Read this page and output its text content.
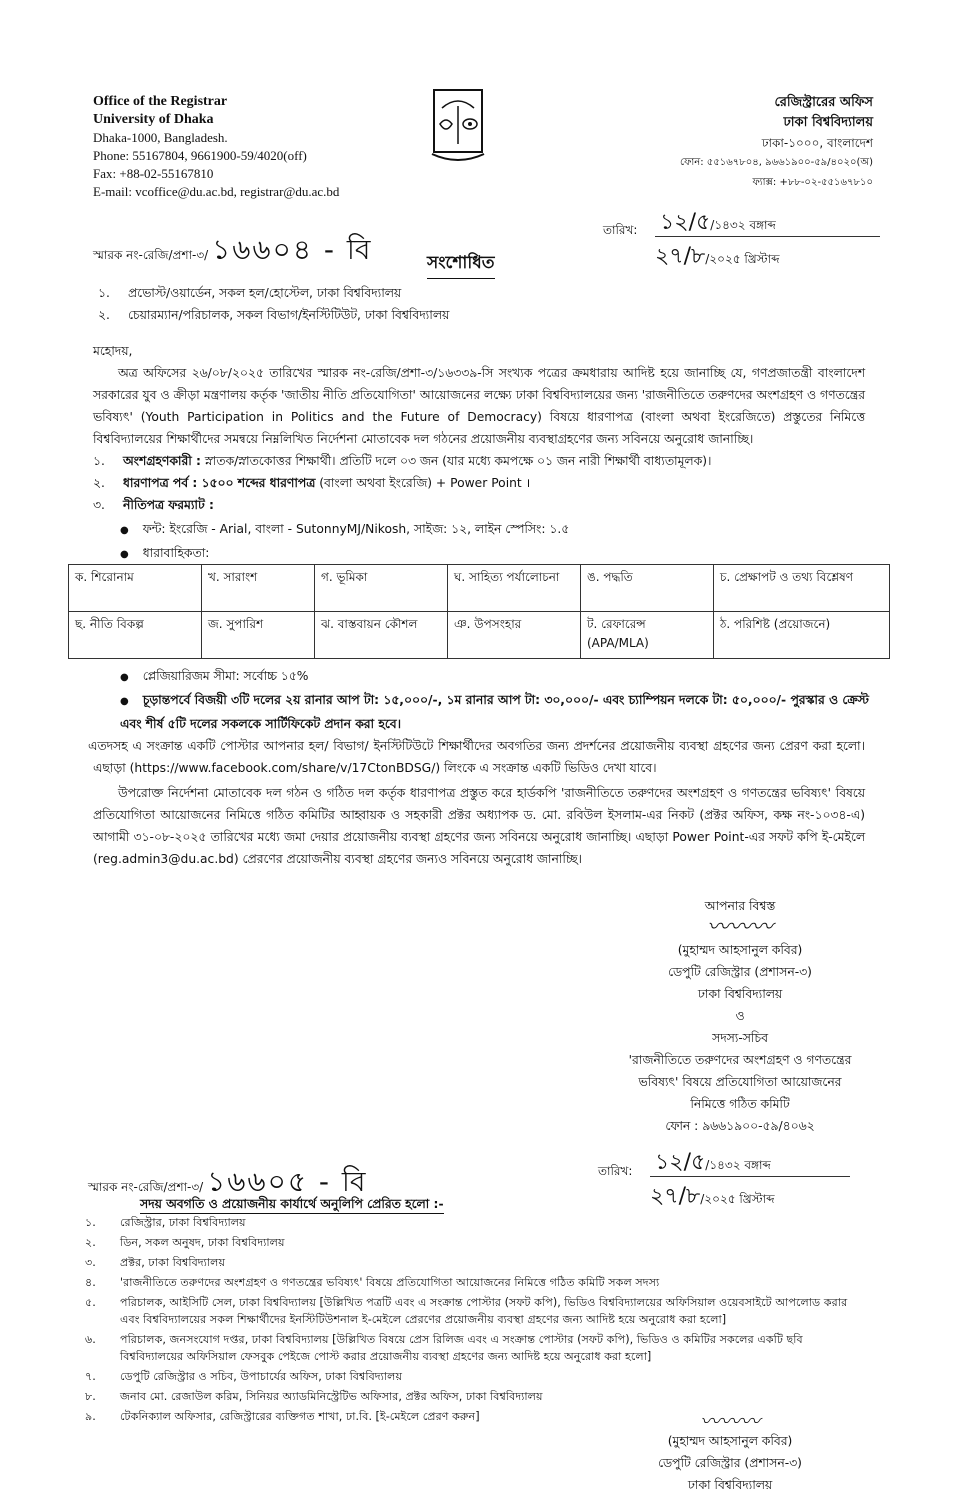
Office of the Registrar
University of Dhaka
Dhaka-1000, Bangladesh.
Phone: 55167804, 9661900-59/4020(off)
Fax: +88-02-55167810
E-mail: vcoffice@du.ac.bd, registrar@du.ac.bd
রেজিস্ট্রারের অফিস
ঢাকা বিশ্ববিদ্যালয়
ঢাকা-১০০০, বাংলাদেশ
ফোন: ৫৫১৬৭৮০৪, ৯৬৬১৯০০-৫৯/৪০২০(অ)
ফ্যাক্স: +৮৮-০২-৫৫১৬৭৮১০
স্মারক নং-রেজি/প্রশা-৩/ ১৬৬০৪ - বি
তারিখ: ১২/৫/১৪৩২ বঙ্গাব্দ
২৭/৮/২০২৫ খ্রিস্টাব্দ
সংশোধিত
১. প্রভোস্ট/ওয়ার্ডেন, সকল হল/হোস্টেল, ঢাকা বিশ্ববিদ্যালয়
২. চেয়ারম্যান/পরিচালক, সকল বিভাগ/ইনস্টিটিউট, ঢাকা বিশ্ববিদ্যালয়
মহোদয়,
অত্র অফিসের ২৬/০৮/২০২৫ তারিখের স্মারক নং-রেজি/প্রশা-৩/১৬৩৩৯-সি সংখ্যক পত্রের ক্রমধারায় আদিষ্ট হয়ে জানাচ্ছি যে, গণপ্রজাতন্ত্রী বাংলাদেশ সরকারের যুব ও ক্রীড়া মন্ত্রণালয় কর্তৃক 'জাতীয় নীতি প্রতিযোগিতা' আয়োজনের লক্ষ্যে ঢাকা বিশ্ববিদ্যালয়ের জন্য 'রাজনীতিতে তরুণদের অংশগ্রহণ ও গণতন্ত্রের ভবিষ্যৎ' (Youth Participation in Politics and the Future of Democracy) বিষয়ে ধারণাপত্র (বাংলা অথবা ইংরেজিতে) প্রস্তুতের নিমিত্তে বিশ্ববিদ্যালয়ের শিক্ষার্থীদের সমন্বয়ে নিম্নলিখিত নির্দেশনা মোতাবেক দল গঠনের প্রয়োজনীয় ব্যবস্থাগ্রহণের জন্য সবিনয়ে অনুরোধ জানাচ্ছি।
১. অংশগ্রহণকারী : স্নাতক/স্নাতকোত্তর শিক্ষার্থী। প্রতিটি দলে ০৩ জন (যার মধ্যে কমপক্ষে ০১ জন নারী শিক্ষার্থী বাধ্যতামূলক)।
২. ধারণাপত্র পর্ব : ১৫০০ শব্দের ধারণাপত্র (বাংলা অথবা ইংরেজি) + Power Point ।
৩. নীতিপত্র ফরম্যাট :
● ফন্ট: ইংরেজি - Arial, বাংলা - SutonnyMJ/Nikosh, সাইজ: ১২, লাইন স্পেসিং: ১.৫
● ধারাবাহিকতা:
ক. শিরোনাম	খ. সারাংশ	গ. ভূমিকা	ঘ. সাহিত্য পর্যালোচনা	ঙ. পদ্ধতি	চ. প্রেক্ষাপট ও তথ্য বিশ্লেষণ
ছ. নীতি বিকল্প	জ. সুপারিশ	ঝ. বাস্তবায়ন কৌশল	ঞ. উপসংহার	ট. রেফারেন্স (APA/MLA)	ঠ. পরিশিষ্ট (প্রয়োজনে)
● প্লেজিয়ারিজম সীমা: সর্বোচ্চ ১৫%
● চূড়ান্তপর্বে বিজয়ী ৩টি দলের ২য় রানার আপ টা: ১৫,০০০/-, ১ম রানার আপ টা: ৩০,০০০/- এবং চ্যাম্পিয়ন দলকে টা: ৫০,০০০/- পুরস্কার ও ক্রেস্ট এবং শীর্ষ ৫টি দলের সকলকে সার্টিফিকেট প্রদান করা হবে।
এতদসহ এ সংক্রান্ত একটি পোস্টার আপনার হল/ বিভাগ/ ইনস্টিটিউটে শিক্ষার্থীদের অবগতির জন্য প্রদর্শনের প্রয়োজনীয় ব্যবস্থা গ্রহণের জন্য প্রেরণ করা হলো। এছাড়া (https://www.facebook.com/share/v/17CtonBDSG/) লিংকে এ সংক্রান্ত একটি ভিডিও দেখা যাবে।
উপরোক্ত নির্দেশনা মোতাবেক দল গঠন ও গঠিত দল কর্তৃক ধারণাপত্র প্রস্তুত করে হার্ডকপি 'রাজনীতিতে তরুণদের অংশগ্রহণ ও গণতন্ত্রের ভবিষ্যৎ' বিষয়ে প্রতিযোগিতা আয়োজনের নিমিত্তে গঠিত কমিটির আহ্বায়ক ও সহকারী প্রক্টর অধ্যাপক ড. মো. রবিউল ইসলাম-এর নিকট (প্রক্টর অফিস, কক্ষ নং-১০৩৪-এ) আগামী ৩১-০৮-২০২৫ তারিখের মধ্যে জমা দেয়ার প্রয়োজনীয় ব্যবস্থা গ্রহণের জন্য সবিনয়ে অনুরোধ জানাচ্ছি। এছাড়া Power Point-এর সফট কপি ই-মেইলে (reg.admin3@du.ac.bd) প্রেরণের প্রয়োজনীয় ব্যবস্থা গ্রহণের জন্যও সবিনয়ে অনুরোধ জানাচ্ছি।
আপনার বিশ্বস্ত
〰〰〰
(মুহাম্মদ আহসানুল কবির)
ডেপুটি রেজিস্ট্রার (প্রশাসন-৩)
ঢাকা বিশ্ববিদ্যালয়
ও
সদস্য-সচিব
'রাজনীতিতে তরুণদের অংশগ্রহণ ও গণতন্ত্রের
ভবিষ্যৎ' বিষয়ে প্রতিযোগিতা আয়োজনের
নিমিত্তে গঠিত কমিটি
ফোন : ৯৬৬১৯০০-৫৯/৪০৬২
স্মারক নং-রেজি/প্রশা-৩/ ১৬৬০৫ - বি	তারিখ: ১২/৫/১৪৩২ বঙ্গাব্দ
২৭/৮/২০২৫ খ্রিস্টাব্দ
সদয় অবগতি ও প্রয়োজনীয় কার্যার্থে অনুলিপি প্রেরিত হলো :-
১.	রেজিস্ট্রার, ঢাকা বিশ্ববিদ্যালয়
২.	ডিন, সকল অনুষদ, ঢাকা বিশ্ববিদ্যালয়
৩.	প্রক্টর, ঢাকা বিশ্ববিদ্যালয়
৪.	'রাজনীতিতে তরুণদের অংশগ্রহণ ও গণতন্ত্রের ভবিষ্যৎ' বিষয়ে প্রতিযোগিতা আয়োজনের নিমিত্তে গঠিত কমিটি সকল সদস্য
৫.	পরিচালক, আইসিটি সেল, ঢাকা বিশ্ববিদ্যালয় [উল্লিখিত পত্রটি এবং এ সংক্রান্ত পোস্টার (সফট কপি), ভিডিও বিশ্ববিদ্যালয়ের অফিসিয়াল ওয়েবসাইটে আপলোড করার এবং বিশ্ববিদ্যালয়ের সকল শিক্ষার্থীদের ইনস্টিটিউশনাল ই-মেইলে প্রেরণের প্রয়োজনীয় ব্যবস্থা গ্রহণের জন্য আদিষ্ট হয়ে অনুরোধ করা হলো]
৬.	পরিচালক, জনসংযোগ দপ্তর, ঢাকা বিশ্ববিদ্যালয় [উল্লিখিত বিষয়ে প্রেস রিলিজ এবং এ সংক্রান্ত পোস্টার (সফট কপি), ভিডিও ও কমিটির সকলের একটি ছবি বিশ্ববিদ্যালয়ের অফিসিয়াল ফেসবুক পেইজে পোস্ট করার প্রয়োজনীয় ব্যবস্থা গ্রহণের জন্য আদিষ্ট হয়ে অনুরোধ করা হলো]
৭.	ডেপুটি রেজিস্ট্রার ও সচিব, উপাচার্যের অফিস, ঢাকা বিশ্ববিদ্যালয়
৮.	জনাব মো. রেজাউল করিম, সিনিয়র অ্যাডমিনিস্ট্রেটিভ অফিসার, প্রক্টর অফিস, ঢাকা বিশ্ববিদ্যালয়
৯.	টেকনিক্যাল অফিসার, রেজিস্ট্রারের ব্যক্তিগত শাখা, ঢা.বি. [ই-মেইলে প্রেরণ করুন]	〰〰〰
(মুহাম্মদ আহসানুল কবির)
ডেপুটি রেজিস্ট্রার (প্রশাসন-৩)
ঢাকা বিশ্ববিদ্যালয়
